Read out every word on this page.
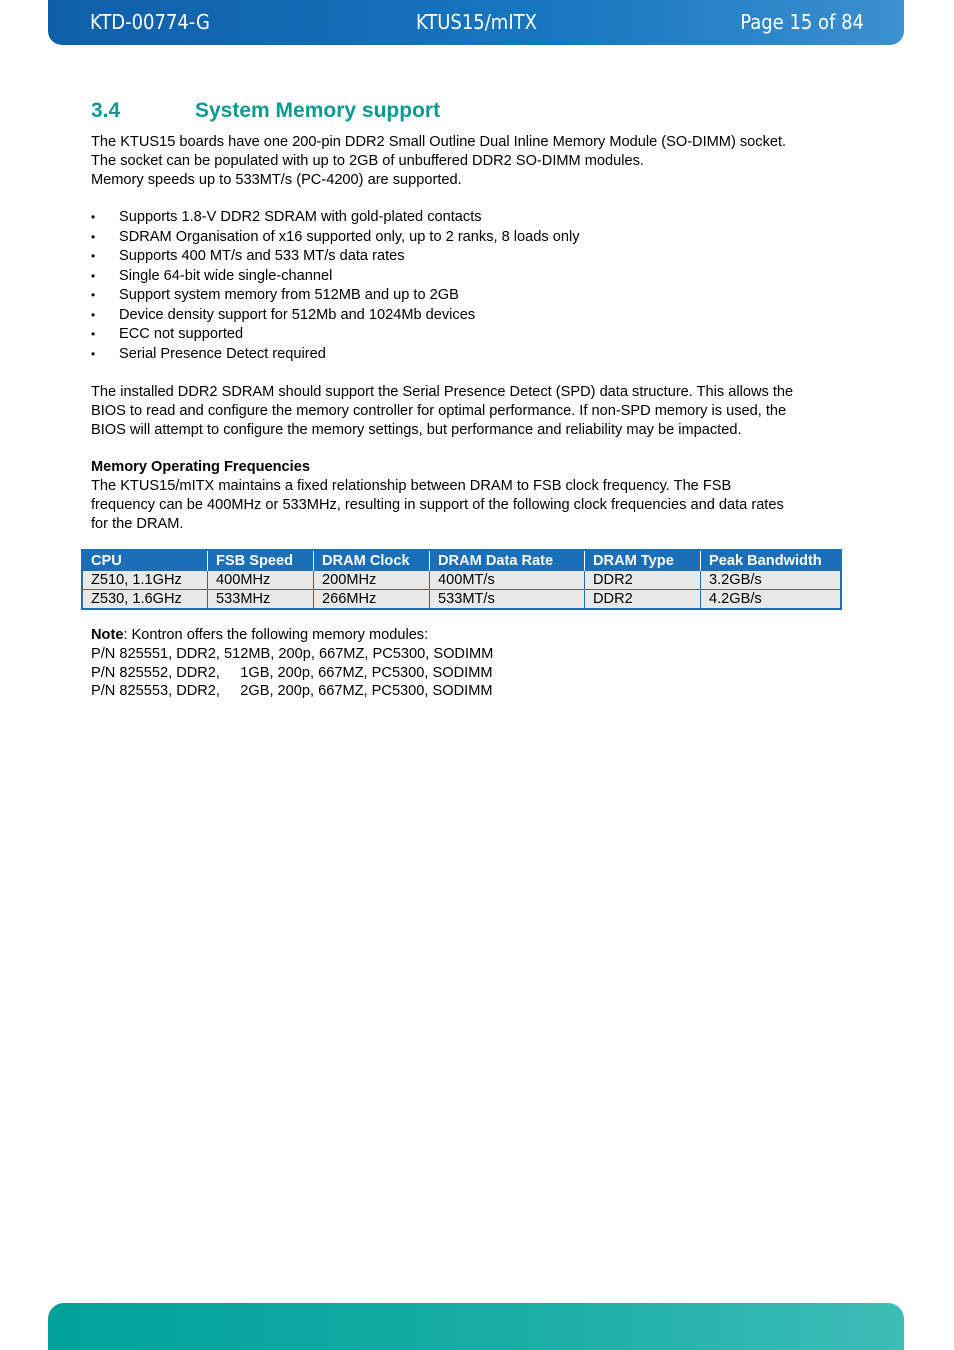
KTD-00774-G	KTUS15/mITX	Page 15 of 84
3.4	System Memory support

The KTUS15 boards have one 200-pin DDR2 Small Outline Dual Inline Memory Module (SO-DIMM) socket.

The socket can be populated with up to 2GB of unbuffered DDR2 SO-DIMM modules.

Memory speeds up to 533MT/s (PC-4200) are supported.

• Supports 1.8-V DDR2 SDRAM with gold-plated contacts
• SDRAM Organisation of x16 supported only, up to 2 ranks, 8 loads only
• Supports 400 MT/s and 533 MT/s data rates
• Single 64-bit wide single-channel
• Support system memory from 512MB and up to 2GB
• Device density support for 512Mb and 1024Mb devices
• ECC not supported
• Serial Presence Detect required

The installed DDR2 SDRAM should support the Serial Presence Detect (SPD) data structure. This allows the

BIOS to read and configure the memory controller for optimal performance. If non-SPD memory is used, the

BIOS will attempt to configure the memory settings, but performance and reliability may be impacted.

Memory Operating Frequencies

The KTUS15/mITX maintains a fixed relationship between DRAM to FSB clock frequency. The FSB

frequency can be 400MHz or 533MHz, resulting in support of the following clock frequencies and data rates

for the DRAM.

CPU	FSB Speed	DRAM Clock	DRAM Data Rate	DRAM Type	Peak Bandwidth
Z510, 1.1GHz	400MHz	200MHz	400MT/s	DDR2	3.2GB/s
Z530, 1.6GHz	533MHz	266MHz	533MT/s	DDR2	4.2GB/s

Note: Kontron offers the following memory modules:

P/N 825551, DDR2, 512MB, 200p, 667MZ, PC5300, SODIMM

P/N 825552, DDR2,     1GB, 200p, 667MZ, PC5300, SODIMM

P/N 825553, DDR2,     2GB, 200p, 667MZ, PC5300, SODIMM
